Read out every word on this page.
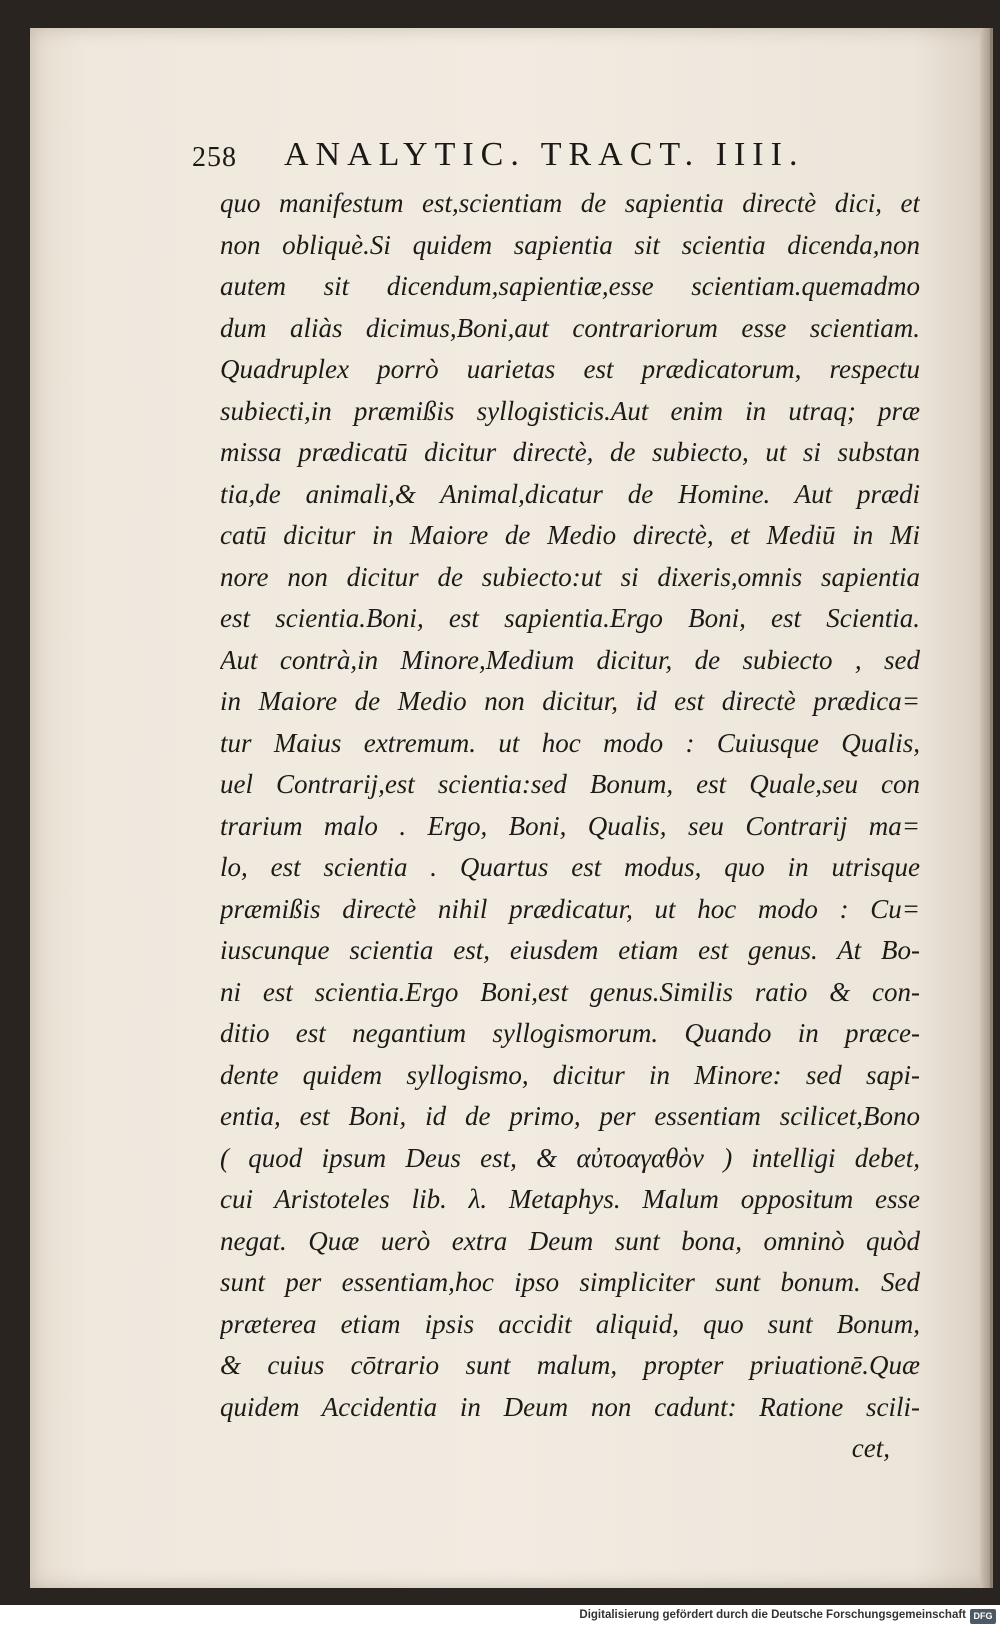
258 ANALYTIC. TRACT. IIII.
quo manifestum est,scientiam de sapientia directè dici, et
non obliquè.Si quidem sapientia sit scientia dicenda,non
autem sit dicendum,sapientiæ,esse scientiam.quemadmo
dum aliàs dicimus,Boni,aut contrariorum esse scientiam.
Quadruplex porrò uarietas est prædicatorum, respectu
subiecti,in præmißis syllogisticis.Aut enim in utraq; præ
missa prædicatū dicitur directè, de subiecto, ut si substan
tia,de animali,& Animal,dicatur de Homine. Aut prædi
catū dicitur in Maiore de Medio directè, et Mediū in Mi
nore non dicitur de subiecto:ut si dixeris,omnis sapientia
est scientia.Boni, est sapientia.Ergo Boni, est Scientia.
Aut contrà,in Minore,Medium dicitur, de subiecto , sed
in Maiore de Medio non dicitur, id est directè prædica=
tur Maius extremum. ut hoc modo : Cuiusque Qualis,
uel Contrarij,est scientia:sed Bonum, est Quale,seu con
trarium malo . Ergo, Boni, Qualis, seu Contrarij ma=
lo, est scientia . Quartus est modus, quo in utrisque
præmißis directè nihil prædicatur, ut hoc modo : Cu=
iuscunque scientia est, eiusdem etiam est genus. At Bo-
ni est scientia.Ergo Boni,est genus.Similis ratio & con-
ditio est negantium syllogismorum. Quando in præce-
dente quidem syllogismo, dicitur in Minore: sed sapi-
entia, est Boni, id de primo, per essentiam scilicet,Bono
( quod ipsum Deus est, & αὐτοαγαθὸν ) intelligi debet,
cui Aristoteles lib. λ. Metaphys. Malum oppositum esse
negat. Quæ uerò extra Deum sunt bona, omninò quòd
sunt per essentiam,hoc ipso simpliciter sunt bonum. Sed
præterea etiam ipsis accidit aliquid, quo sunt Bonum,
& cuius cōtrario sunt malum, propter priuationē.Quæ
quidem Accidentia in Deum non cadunt: Ratione scili-
cet,
Digitalisierung gefördert durch die Deutsche Forschungsgemeinschaft DFG
